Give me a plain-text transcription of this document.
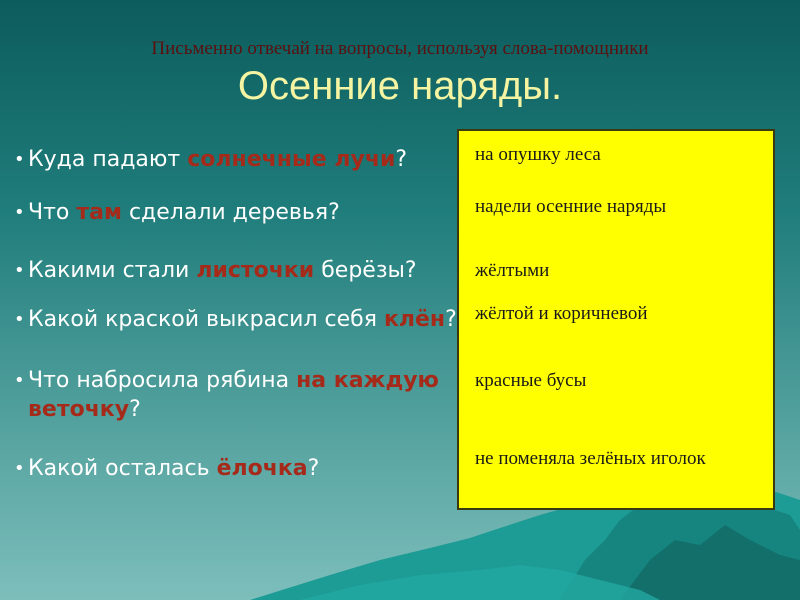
Письменно отвечай на вопросы, используя слова-помощники
Осенние наряды.
• Куда падают солнечные лучи?
• Что там сделали деревья?
• Какими стали листочки берёзы?
• Какой краской выкрасил себя клён?
• Что набросила рябина на каждую веточку?
• Какой осталась ёлочка?
на опушку леса
надели осенние наряды
жёлтыми
жёлтой и коричневой
красные бусы
не поменяла зелёных иголок
